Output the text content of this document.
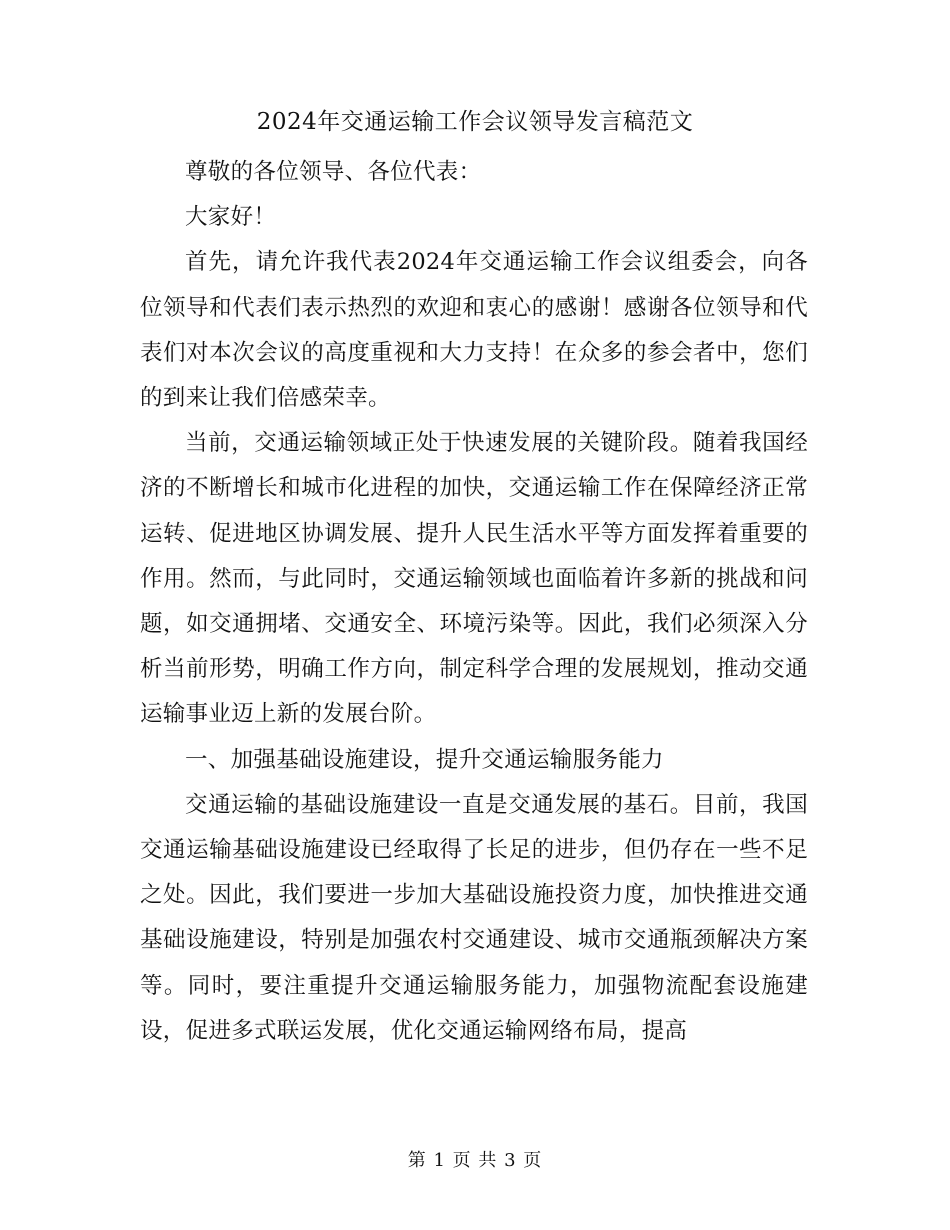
2024年交通运输工作会议领导发言稿范文

尊敬的各位领导、各位代表：

大家好！

首先，请允许我代表2024年交通运输工作会议组委会，向各位领导和代表们表示热烈的欢迎和衷心的感谢！感谢各位领导和代表们对本次会议的高度重视和大力支持！在众多的参会者中，您们的到来让我们倍感荣幸。

当前，交通运输领域正处于快速发展的关键阶段。随着我国经济的不断增长和城市化进程的加快，交通运输工作在保障经济正常运转、促进地区协调发展、提升人民生活水平等方面发挥着重要的作用。然而，与此同时，交通运输领域也面临着许多新的挑战和问题，如交通拥堵、交通安全、环境污染等。因此，我们必须深入分析当前形势，明确工作方向，制定科学合理的发展规划，推动交通运输事业迈上新的发展台阶。

一、加强基础设施建设，提升交通运输服务能力

交通运输的基础设施建设一直是交通发展的基石。目前，我国交通运输基础设施建设已经取得了长足的进步，但仍存在一些不足之处。因此，我们要进一步加大基础设施投资力度，加快推进交通基础设施建设，特别是加强农村交通建设、城市交通瓶颈解决方案等。同时，要注重提升交通运输服务能力，加强物流配套设施建设，促进多式联运发展，优化交通运输网络布局，提高

第 1 页 共 3 页
